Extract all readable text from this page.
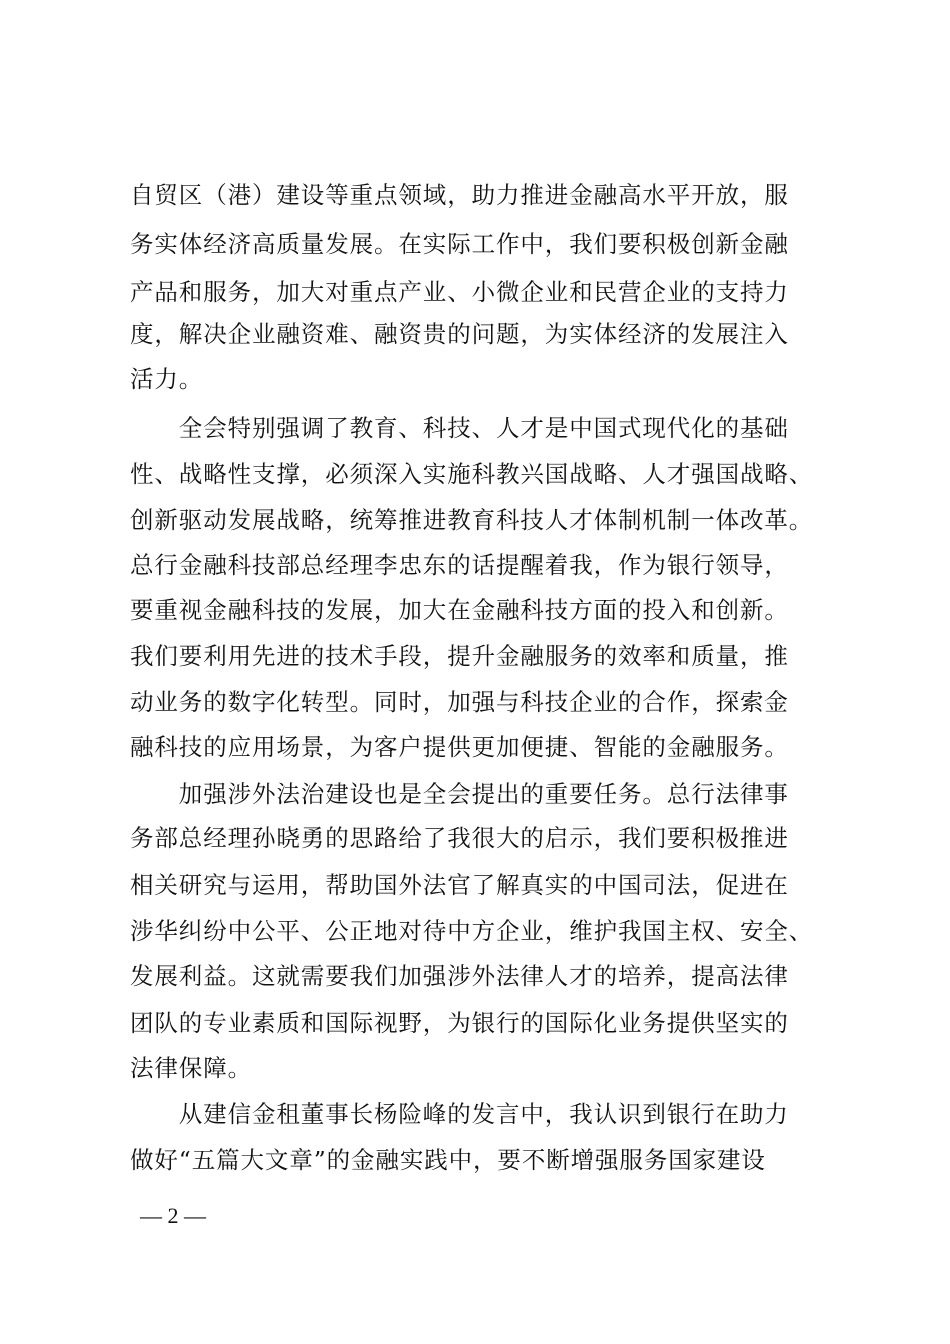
自贸区（港）建设等重点领域，助力推进金融高水平开放，服
务实体经济高质量发展。在实际工作中，我们要积极创新金融
产品和服务，加大对重点产业、小微企业和民营企业的支持力
度，解决企业融资难、融资贵的问题，为实体经济的发展注入
活力。
　　全会特别强调了教育、科技、人才是中国式现代化的基础
性、战略性支撑，必须深入实施科教兴国战略、人才强国战略、
创新驱动发展战略，统筹推进教育科技人才体制机制一体改革。
总行金融科技部总经理李忠东的话提醒着我，作为银行领导，
要重视金融科技的发展，加大在金融科技方面的投入和创新。
我们要利用先进的技术手段，提升金融服务的效率和质量，推
动业务的数字化转型。同时，加强与科技企业的合作，探索金
融科技的应用场景，为客户提供更加便捷、智能的金融服务。
　　加强涉外法治建设也是全会提出的重要任务。总行法律事
务部总经理孙晓勇的思路给了我很大的启示，我们要积极推进
相关研究与运用，帮助国外法官了解真实的中国司法，促进在
涉华纠纷中公平、公正地对待中方企业，维护我国主权、安全、
发展利益。这就需要我们加强涉外法律人才的培养，提高法律
团队的专业素质和国际视野，为银行的国际化业务提供坚实的
法律保障。
　　从建信金租董事长杨险峰的发言中，我认识到银行在助力
做好“五篇大文章”的金融实践中，要不断增强服务国家建设
— 2 —
